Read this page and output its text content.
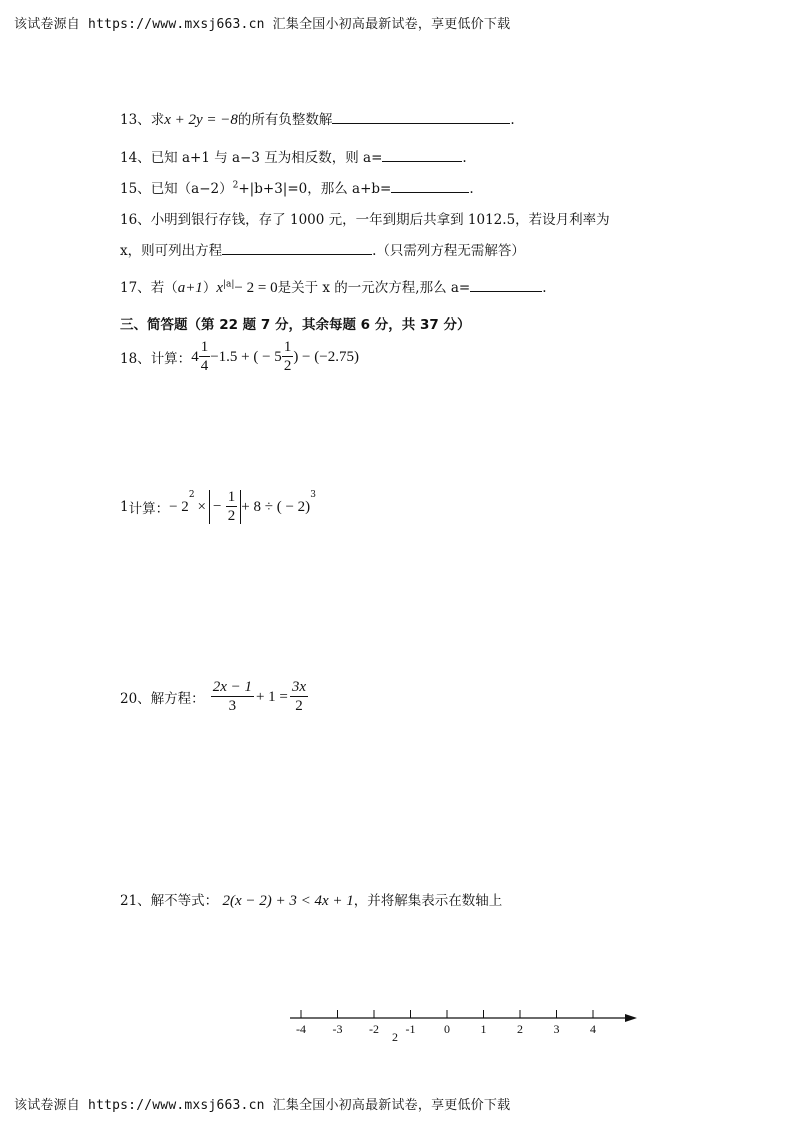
该试卷源自 https://www.mxsj663.cn 汇集全国小初高最新试卷，享更低价下载
13、求x + 2y = −8的所有负整数解	.
14、已知 a+1 与 a−3 互为相反数，则 a=	.
15、已知$(a-2)^2+|b+3|=0$，那么 a+b=	.
16、小明到银行存钱，存了 1000 元，一年到期后共拿到 1012.5，若设月利率为
x，则可列出方程	.（只需列方程无需解答）
17、若$(a+1)x^{|a|}- 2 = 0$是关于 x 的一元次方程,那么 a=	.
三、简答题（第 22 题 7 分，其余每题 6 分，共 37 分）
18、 计算： $4 \frac{1}{4} -1.5$ + ( − $5 \frac{1}{2}$ ) − (−2.75)
1 计算： − 2
$^2$
× − $\frac{1}{2} + 8$ ÷ ( − 2)
$^3$
20、 解方程： $\frac{2x - 1}{3} + 1 = \frac{3x}{2}$
21、解不等式： 2(x − 2) + 3 < 4x + 1，并将解集表示在数轴上
-4 -3 -2 -1 0	1	2	3	4
2
该试卷源自 https://www.mxsj663.cn 汇集全国小初高最新试卷，享更低价下载
